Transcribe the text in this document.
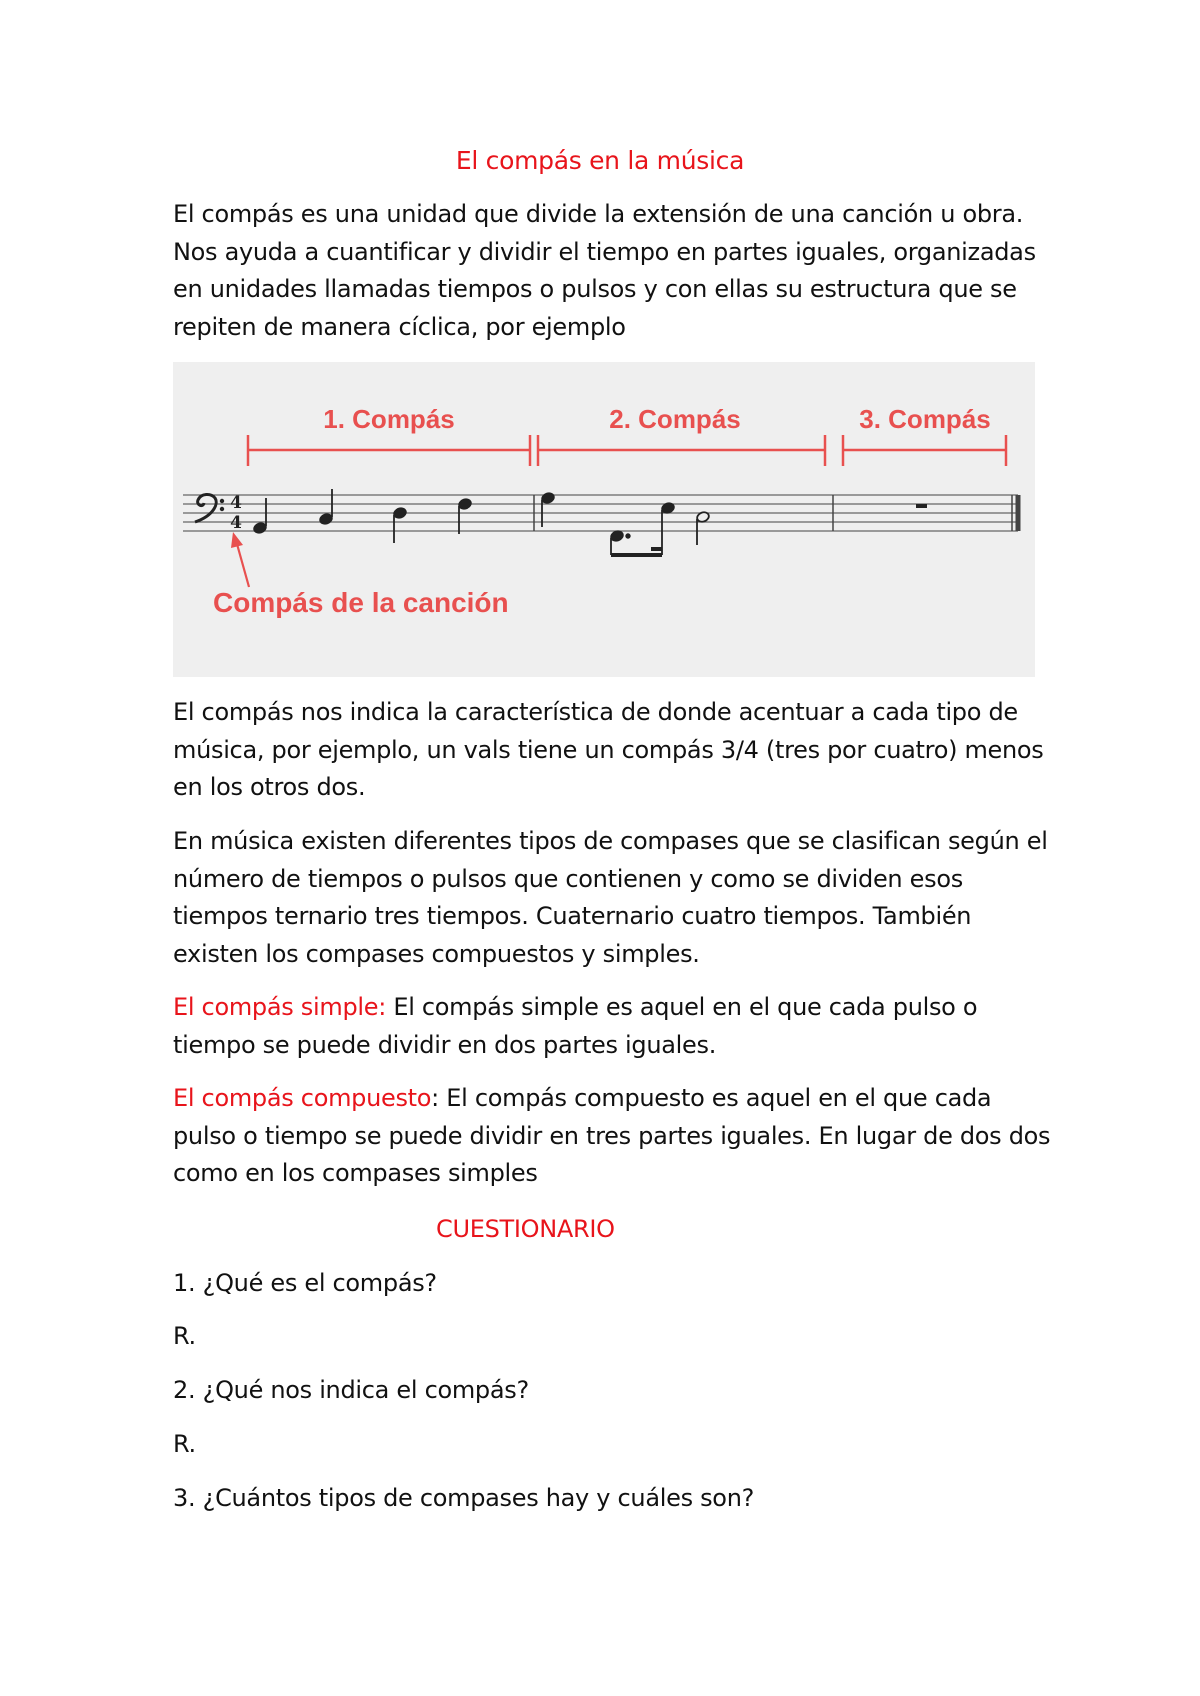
El compás en la música
El compás es una unidad que divide la extensión de una canción u obra. Nos ayuda a cuantificar y dividir el tiempo en partes iguales, organizadas en unidades llamadas tiempos o pulsos y con ellas su estructura que se repiten de manera cíclica, por ejemplo
1. Compás	2. Compás	3. Compás
4
4
Compás de la canción
El compás nos indica la característica de donde acentuar a cada tipo de música, por ejemplo, un vals tiene un compás 3/4 (tres por cuatro) menos en los otros dos.
En música existen diferentes tipos de compases que se clasifican según el número de tiempos o pulsos que contienen y como se dividen esos tiempos ternario tres tiempos. Cuaternario cuatro tiempos. También existen los compases compuestos y simples.
El compás simple: El compás simple es aquel en el que cada pulso o tiempo se puede dividir en dos partes iguales.
El compás compuesto: El compás compuesto es aquel en el que cada pulso o tiempo se puede dividir en tres partes iguales. En lugar de dos dos como en los compases simples
CUESTIONARIO
1. ¿Qué es el compás?
R.
2. ¿Qué nos indica el compás?
R.
3. ¿Cuántos tipos de compases hay y cuáles son?
